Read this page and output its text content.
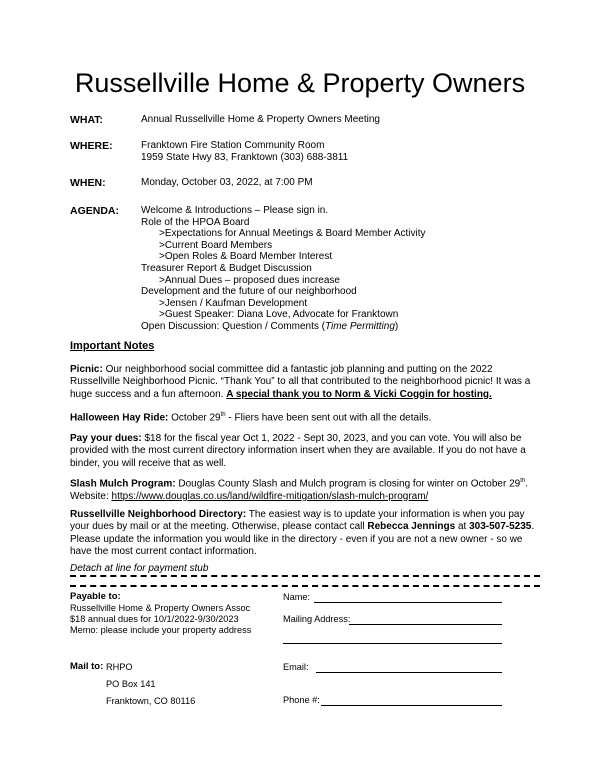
Russellville Home & Property Owners
WHAT:	Annual Russellville Home & Property Owners Meeting
WHERE:	Franktown Fire Station Community Room
1959 State Hwy 83, Franktown (303) 688-3811
WHEN:	Monday, October 03, 2022, at 7:00 PM
AGENDA: Welcome & Introductions – Please sign in.
Role of the HPOA Board
>Expectations for Annual Meetings & Board Member Activity
>Current Board Members
>Open Roles & Board Member Interest
Treasurer Report & Budget Discussion
>Annual Dues – proposed dues increase
Development and the future of our neighborhood
>Jensen / Kaufman Development
>Guest Speaker: Diana Love, Advocate for Franktown
Open Discussion: Question / Comments (Time Permitting)
Important Notes
Picnic: Our neighborhood social committee did a fantastic job planning and putting on the 2022 Russellville Neighborhood Picnic. “Thank You” to all that contributed to the neighborhood picnic! It was a huge success and a fun afternoon. A special thank you to Norm & Vicki Coggin for hosting.
Halloween Hay Ride: October 29th - Fliers have been sent out with all the details.
Pay your dues: $18 for the fiscal year Oct 1, 2022 - Sept 30, 2023, and you can vote. You will also be provided with the most current directory information insert when they are available. If you do not have a binder, you will receive that as well.
Slash Mulch Program: Douglas County Slash and Mulch program is closing for winter on October 29th.
Website: https://www.douglas.co.us/land/wildfire-mitigation/slash-mulch-program/
Russellville Neighborhood Directory: The easiest way is to update your information is when you pay your dues by mail or at the meeting. Otherwise, please contact call Rebecca Jennings at 303-507-5235. Please update the information you would like in the directory - even if you are not a new owner - so we have the most current contact information.
Detach at line for payment stub
Payable to:
Russellville Home & Property Owners Assoc
$18 annual dues for 10/1/2022-9/30/2023
Memo: please include your property address
Name:
Mailing Address:
Mail to: RHPO
PO Box 141
Franktown, CO 80116
Email:
Phone #:
